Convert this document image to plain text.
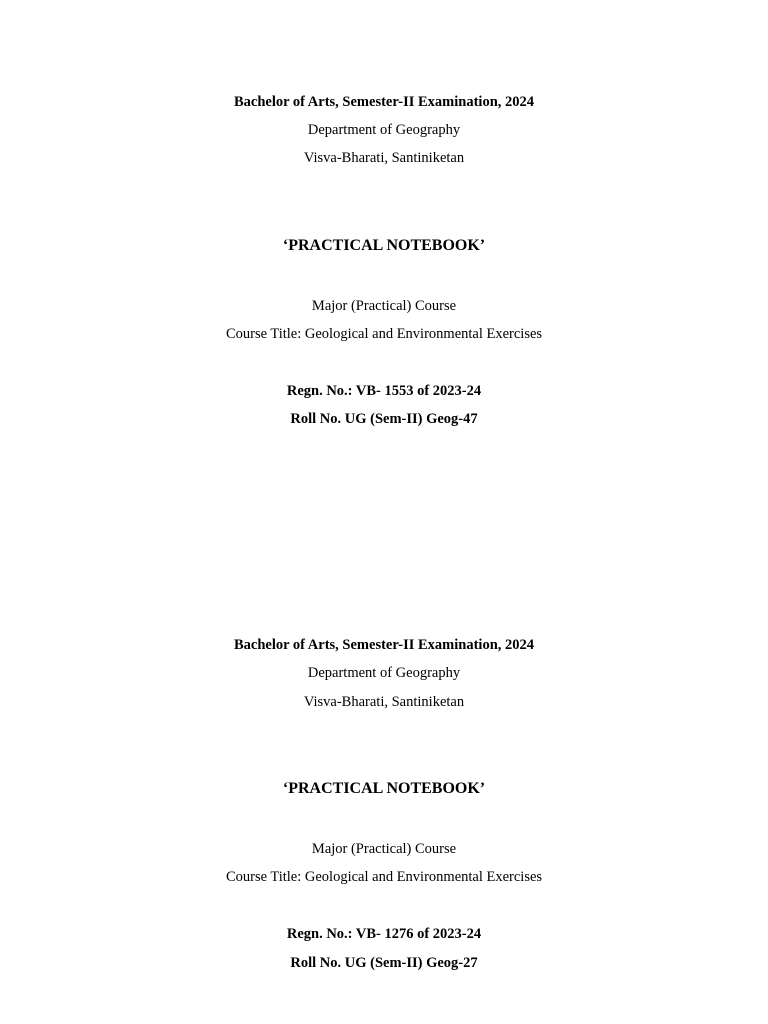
Bachelor of Arts, Semester-II Examination, 2024
Department of Geography
Visva-Bharati, Santiniketan
‘PRACTICAL NOTEBOOK’
Major (Practical) Course
Course Title: Geological and Environmental Exercises
Regn. No.: VB- 1553 of 2023-24
Roll No. UG (Sem-II) Geog-47
Bachelor of Arts, Semester-II Examination, 2024
Department of Geography
Visva-Bharati, Santiniketan
‘PRACTICAL NOTEBOOK’
Major (Practical) Course
Course Title: Geological and Environmental Exercises
Regn. No.: VB- 1276 of 2023-24
Roll No. UG (Sem-II) Geog-27
